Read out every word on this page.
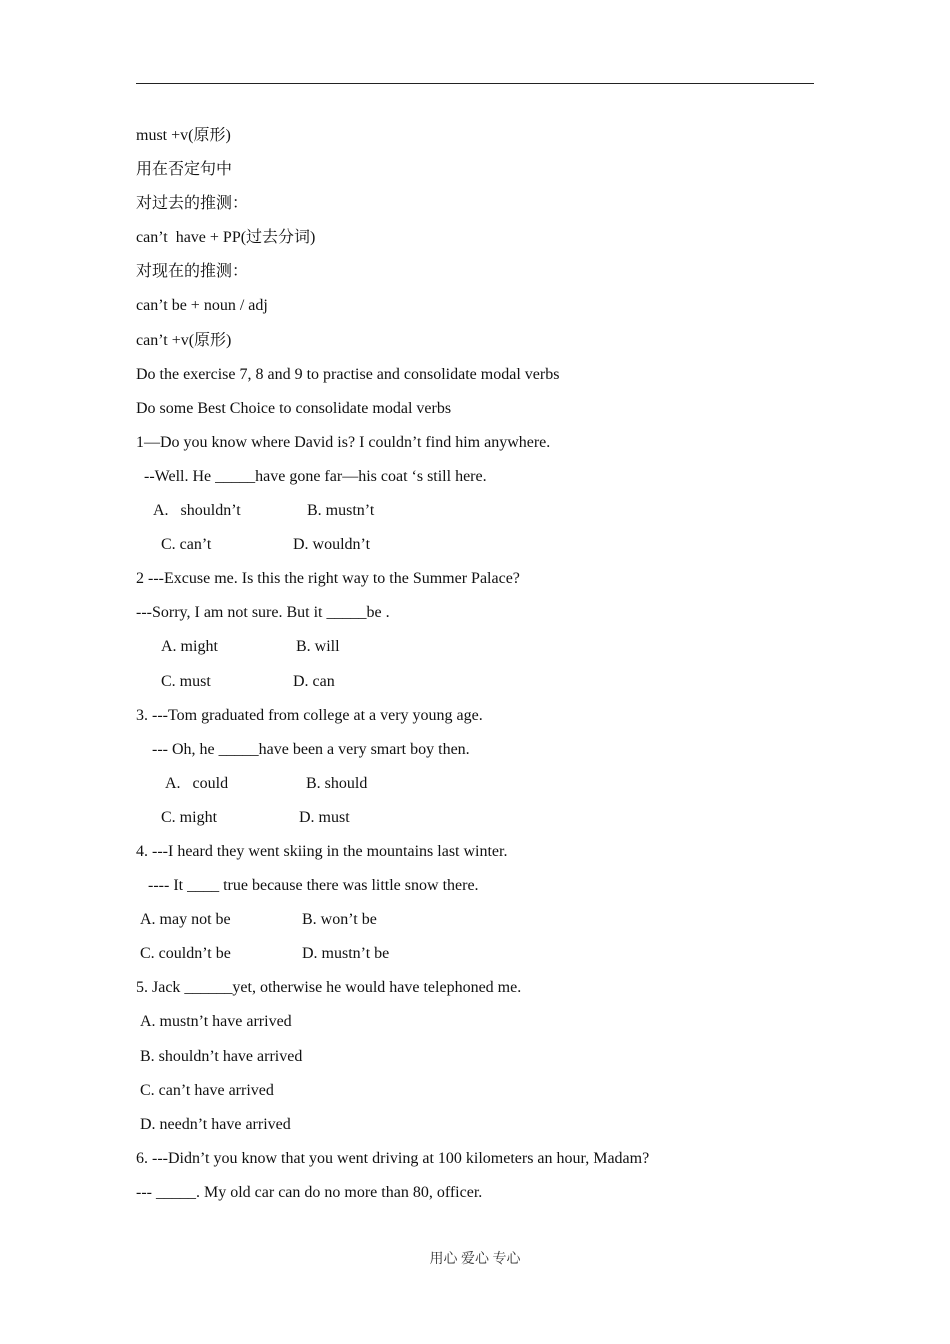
must +v(原形)
用在否定句中
对过去的推测：
can’t  have + PP(过去分词)
对现在的推测：
can’t be + noun / adj
can’t +v(原形)
Do the exercise 7, 8 and 9 to practise and consolidate modal verbs
Do some Best Choice to consolidate modal verbs
1—Do you know where David is? I couldn’t find him anywhere.
--Well. He _____have gone far—his coat ‘s still here.
A.   shouldn’t	B. mustn’t
C. can’t	D. wouldn’t
2 ---Excuse me. Is this the right way to the Summer Palace?
---Sorry, I am not sure. But it _____be .
A. might	B. will
C. must	D. can
3. ---Tom graduated from college at a very young age.
--- Oh, he _____have been a very smart boy then.
A.   could	B. should
C. might	D. must
4. ---I heard they went skiing in the mountains last winter.
---- It ____ true because there was little snow there.
A. may not be	B. won’t be
C. couldn’t be	D. mustn’t be
5. Jack ______yet, otherwise he would have telephoned me.
A. mustn’t have arrived
B. shouldn’t have arrived
C. can’t have arrived
D. needn’t have arrived
6. ---Didn’t you know that you went driving at 100 kilometers an hour, Madam?
--- _____. My old car can do no more than 80, officer.
用心 爱心 专心
